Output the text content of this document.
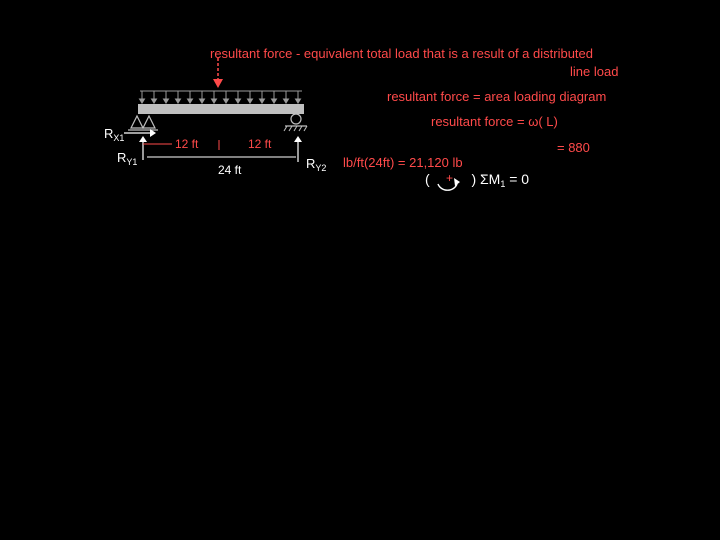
resultant force - equivalent total load that is a result of a distributed
line load
resultant force = area loading diagram
resultant force = ω( L)
= 880
lb/ft(24ft) = 21,120 lb
$R_{X1}$
$R_{Y1}$	$R_{Y2}$
12 ft	12 ft
24 ft
(	) $\Sigma M_1 = 0$
+
